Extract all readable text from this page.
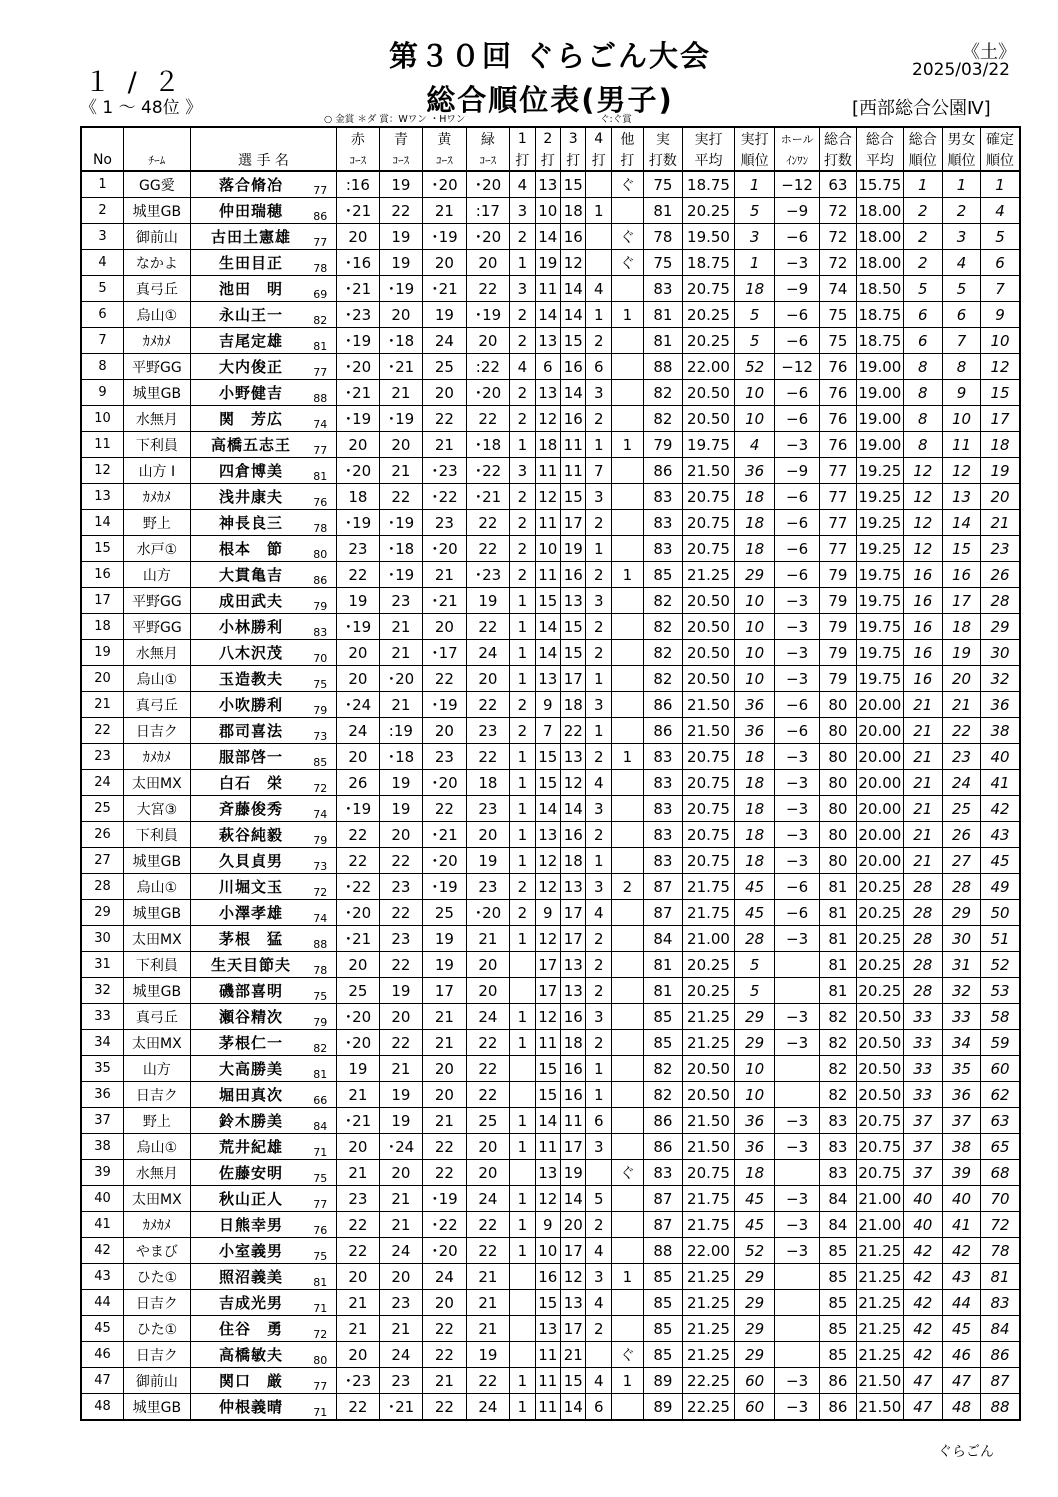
１ / ２
《 1 ～ 48位 》
第３０回 ぐらごん大会
総合順位表(男子)
《土》
2025/03/22
[西部総合公園Ⅳ]
○ 金賞 ＊ダ 賞：Wワン ・Hワン	ぐ:ぐ賞
				赤	青	黄	緑	1	2	3	4	他	実	実打	実打	ホール	総合	総合	総合	男女	確定
No	ﾁｰﾑ	選 手 名		ｺｰｽ	ｺｰｽ	ｺｰｽ	ｺｰｽ	打	打	打	打	打	打数	平均	順位	ｲﾝﾜﾝ	打数	平均	順位	順位	順位
1	GG愛	落合脩冶	77	:16	19	･20	･20	4	13	15		ぐ	75	18.75	1	−12	63	15.75	1	1	1
2	城里GB	仲田瑞穂	86	･21	22	21	:17	3	10	18	1		81	20.25	5	−9	72	18.00	2	2	4
3	御前山	古田土憲雄	77	20	19	･19	･20	2	14	16		ぐ	78	19.50	3	−6	72	18.00	2	3	5
4	なかよ	生田目正	78	･16	19	20	20	1	19	12		ぐ	75	18.75	1	−3	72	18.00	2	4	6
5	真弓丘	池田　明	69	･21	･19	･21	22	3	11	14	4		83	20.75	18	−9	74	18.50	5	5	7
6	烏山①	永山王一	82	･23	20	19	･19	2	14	14	1	1	81	20.25	5	−6	75	18.75	6	6	9
7	ｶﾒｶﾒ	吉尾定雄	81	･19	･18	24	20	2	13	15	2		81	20.25	5	−6	75	18.75	6	7	10
8	平野GG	大内俊正	77	･20	･21	25	:22	4	6	16	6		88	22.00	52	−12	76	19.00	8	8	12
9	城里GB	小野健吉	88	･21	21	20	･20	2	13	14	3		82	20.50	10	−6	76	19.00	8	9	15
10	水無月	関　芳広	74	･19	･19	22	22	2	12	16	2		82	20.50	10	−6	76	19.00	8	10	17
11	下利員	高橋五志王	77	20	20	21	･18	1	18	11	1	1	79	19.75	4	−3	76	19.00	8	11	18
12	山方 I	四倉博美	81	･20	21	･23	･22	3	11	11	7		86	21.50	36	−9	77	19.25	12	12	19
13	ｶﾒｶﾒ	浅井康夫	76	18	22	･22	･21	2	12	15	3		83	20.75	18	−6	77	19.25	12	13	20
14	野上	神長良三	78	･19	･19	23	22	2	11	17	2		83	20.75	18	−6	77	19.25	12	14	21
15	水戸①	根本　節	80	23	･18	･20	22	2	10	19	1		83	20.75	18	−6	77	19.25	12	15	23
16	山方	大貫亀吉	86	22	･19	21	･23	2	11	16	2	1	85	21.25	29	−6	79	19.75	16	16	26
17	平野GG	成田武夫	79	19	23	･21	19	1	15	13	3		82	20.50	10	−3	79	19.75	16	17	28
18	平野GG	小林勝利	83	･19	21	20	22	1	14	15	2		82	20.50	10	−3	79	19.75	16	18	29
19	水無月	八木沢茂	70	20	21	･17	24	1	14	15	2		82	20.50	10	−3	79	19.75	16	19	30
20	烏山①	玉造教夫	75	20	･20	22	20	1	13	17	1		82	20.50	10	−3	79	19.75	16	20	32
21	真弓丘	小吹勝利	79	･24	21	･19	22	2	9	18	3		86	21.50	36	−6	80	20.00	21	21	36
22	日吉ク	郡司喜法	73	24	:19	20	23	2	7	22	1		86	21.50	36	−6	80	20.00	21	22	38
23	ｶﾒｶﾒ	服部啓一	85	20	･18	23	22	1	15	13	2	1	83	20.75	18	−3	80	20.00	21	23	40
24	太田MX	白石　栄	72	26	19	･20	18	1	15	12	4		83	20.75	18	−3	80	20.00	21	24	41
25	大宮③	斉藤俊秀	74	･19	19	22	23	1	14	14	3		83	20.75	18	−3	80	20.00	21	25	42
26	下利員	萩谷純毅	79	22	20	･21	20	1	13	16	2		83	20.75	18	−3	80	20.00	21	26	43
27	城里GB	久貝貞男	73	22	22	･20	19	1	12	18	1		83	20.75	18	−3	80	20.00	21	27	45
28	烏山①	川堀文玉	72	･22	23	･19	23	2	12	13	3	2	87	21.75	45	−6	81	20.25	28	28	49
29	城里GB	小澤孝雄	74	･20	22	25	･20	2	9	17	4		87	21.75	45	−6	81	20.25	28	29	50
30	太田MX	茅根　猛	88	･21	23	19	21	1	12	17	2		84	21.00	28	−3	81	20.25	28	30	51
31	下利員	生天目節夫	78	20	22	19	20		17	13	2		81	20.25	5		81	20.25	28	31	52
32	城里GB	磯部喜明	75	25	19	17	20		17	13	2		81	20.25	5		81	20.25	28	32	53
33	真弓丘	瀬谷精次	79	･20	20	21	24	1	12	16	3		85	21.25	29	−3	82	20.50	33	33	58
34	太田MX	茅根仁一	82	･20	22	21	22	1	11	18	2		85	21.25	29	−3	82	20.50	33	34	59
35	山方	大高勝美	81	19	21	20	22		15	16	1		82	20.50	10		82	20.50	33	35	60
36	日吉ク	堀田真次	66	21	19	20	22		15	16	1		82	20.50	10		82	20.50	33	36	62
37	野上	鈴木勝美	84	･21	19	21	25	1	14	11	6		86	21.50	36	−3	83	20.75	37	37	63
38	烏山①	荒井紀雄	71	20	･24	22	20	1	11	17	3		86	21.50	36	−3	83	20.75	37	38	65
39	水無月	佐藤安明	75	21	20	22	20		13	19		ぐ	83	20.75	18		83	20.75	37	39	68
40	太田MX	秋山正人	77	23	21	･19	24	1	12	14	5		87	21.75	45	−3	84	21.00	40	40	70
41	ｶﾒｶﾒ	日熊幸男	76	22	21	･22	22	1	9	20	2		87	21.75	45	−3	84	21.00	40	41	72
42	やまび	小室義男	75	22	24	･20	22	1	10	17	4		88	22.00	52	−3	85	21.25	42	42	78
43	ひた①	照沼義美	81	20	20	24	21		16	12	3	1	85	21.25	29		85	21.25	42	43	81
44	日吉ク	吉成光男	71	21	23	20	21		15	13	4		85	21.25	29		85	21.25	42	44	83
45	ひた①	住谷　勇	72	21	21	22	21		13	17	2		85	21.25	29		85	21.25	42	45	84
46	日吉ク	高橋敏夫	80	20	24	22	19		11	21		ぐ	85	21.25	29		85	21.25	42	46	86
47	御前山	関口　厳	77	･23	23	21	22	1	11	15	4	1	89	22.25	60	−3	86	21.50	47	47	87
48	城里GB	仲根義晴	71	22	･21	22	24	1	11	14	6		89	22.25	60	−3	86	21.50	47	48	88
ぐらごん
